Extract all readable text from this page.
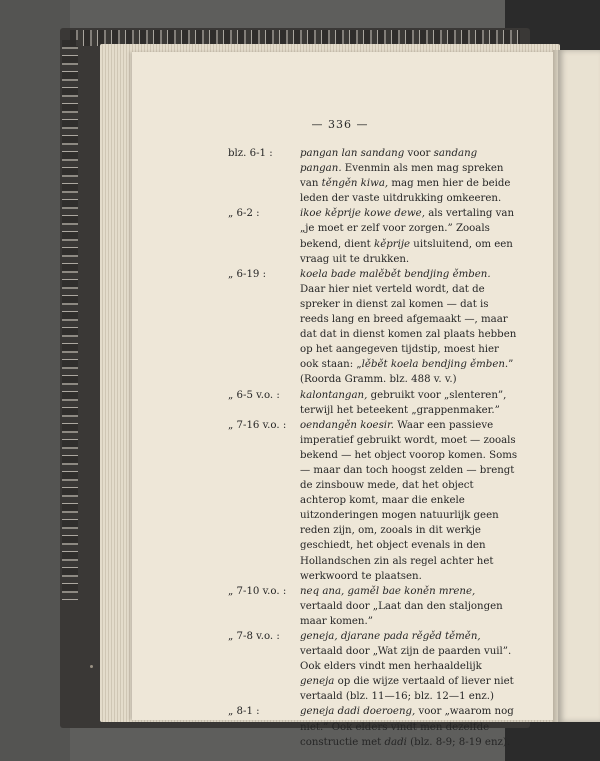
— 336 —

blz. 6-1 :	pangan lan sandang voor sandang pangan. Evenmin als men mag spreken van těngěn kiwa, mag men hier de beide leden der vaste uitdrukking omkeeren.

„ 6-2 :	ikoe kěprije kowe dewe, als vertaling van „je moet er zelf voor zorgen.” Zooals bekend, dient kěprije uitsluitend, om een vraag uit te drukken.

„ 6-19 :	koela bade malěbět bendjing ěmben. Daar hier niet verteld wordt, dat de spreker in dienst zal komen — dat is reeds lang en breed afgemaakt —, maar dat dat in dienst komen zal plaats hebben op het aangegeven tijdstip, moest hier ook staan: „lěbět koela bendjing ěmben.” (Roorda Gramm. blz. 488 v. v.)

„ 6-5 v.o. :	kalontangan, gebruikt voor „slenteren”, terwijl het beteekent „grappenmaker.”

„ 7-16 v.o. :	oendangěn koesir. Waar een passieve imperatief gebruikt wordt, moet — zooals bekend — het object voorop komen. Soms — maar dan toch hoogst zelden — brengt de zinsbouw mede, dat het object achterop komt, maar die enkele uitzonderingen mogen natuurlijk geen reden zijn, om, zooals in dit werkje geschiedt, het object evenals in den Hollandschen zin als regel achter het werkwoord te plaatsen.

„ 7-10 v.o. :	neq ana, gaměl bae koněn mrene, vertaald door „Laat dan den staljongen maar komen.”

„ 7-8 v.o. :	geneja, djarane pada rěgěd těměn, vertaald door „Wat zijn de paarden vuil”. Ook elders vindt men herhaaldelijk geneja op die wijze vertaald of liever niet vertaald (blz. 11—16; blz. 12—1 enz.)

„ 8-1 :	geneja dadi doeroeng, voor „waarom nog niet.” Ook elders vindt men dezelfde constructie met dadi (blz. 8-9; 8-19 enz).
